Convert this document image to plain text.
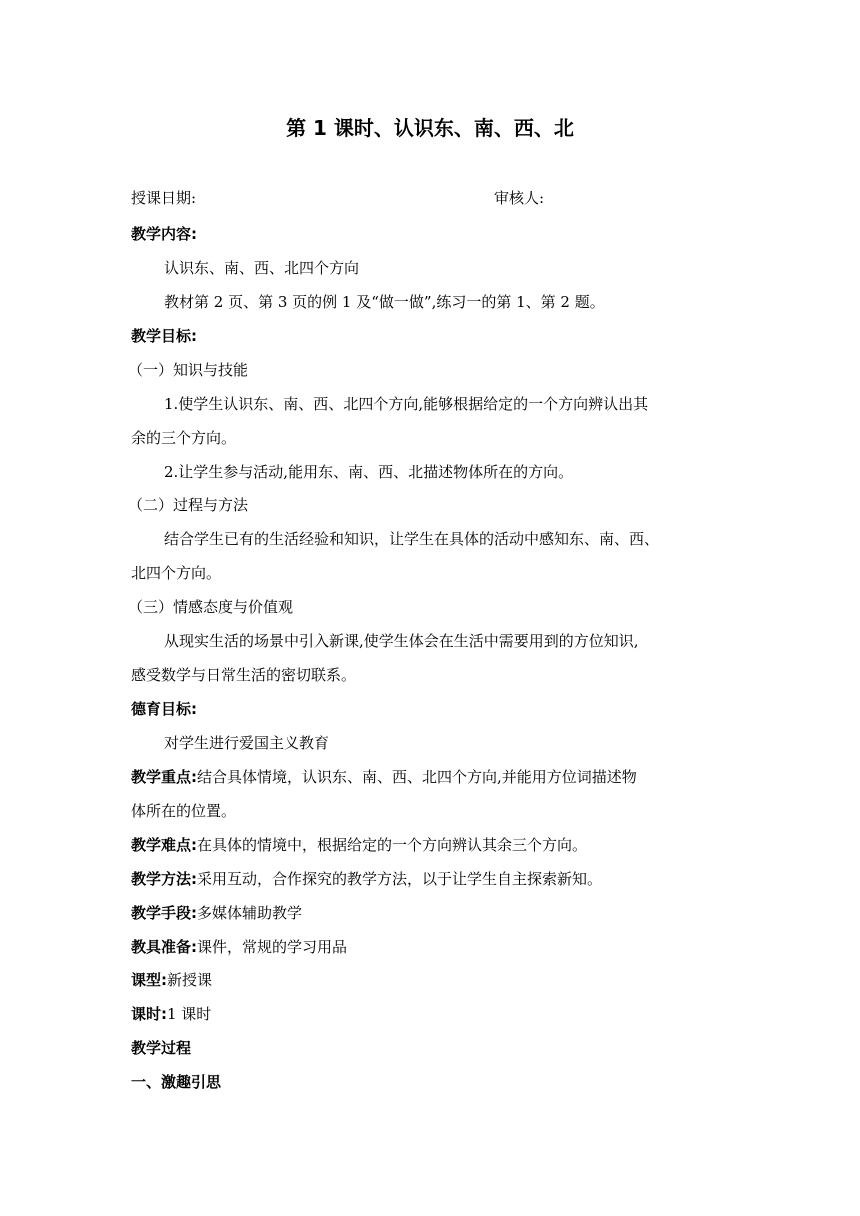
第 1 课时、认识东、南、西、北
授课日期:	审核人:
教学内容:
认识东、南、西、北四个方向
教材第 2 页、第 3 页的例 1 及“做一做”,练习一的第 1、第 2 题。
教学目标:
（一）知识与技能
1.使学生认识东、南、西、北四个方向,能够根据给定的一个方向辨认出其
余的三个方向。
2.让学生参与活动,能用东、南、西、北描述物体所在的方向。
（二）过程与方法
结合学生已有的生活经验和知识，让学生在具体的活动中感知东、南、西、
北四个方向。
（三）情感态度与价值观
从现实生活的场景中引入新课,使学生体会在生活中需要用到的方位知识,
感受数学与日常生活的密切联系。
德育目标:
对学生进行爱国主义教育
教学重点:结合具体情境，认识东、南、西、北四个方向,并能用方位词描述物
体所在的位置。
教学难点:在具体的情境中，根据给定的一个方向辨认其余三个方向。
教学方法:采用互动，合作探究的教学方法，以于让学生自主探索新知。
教学手段:多媒体辅助教学
教具准备:课件，常规的学习用品
课型:新授课
课时:1 课时
教学过程
一、激趣引思
